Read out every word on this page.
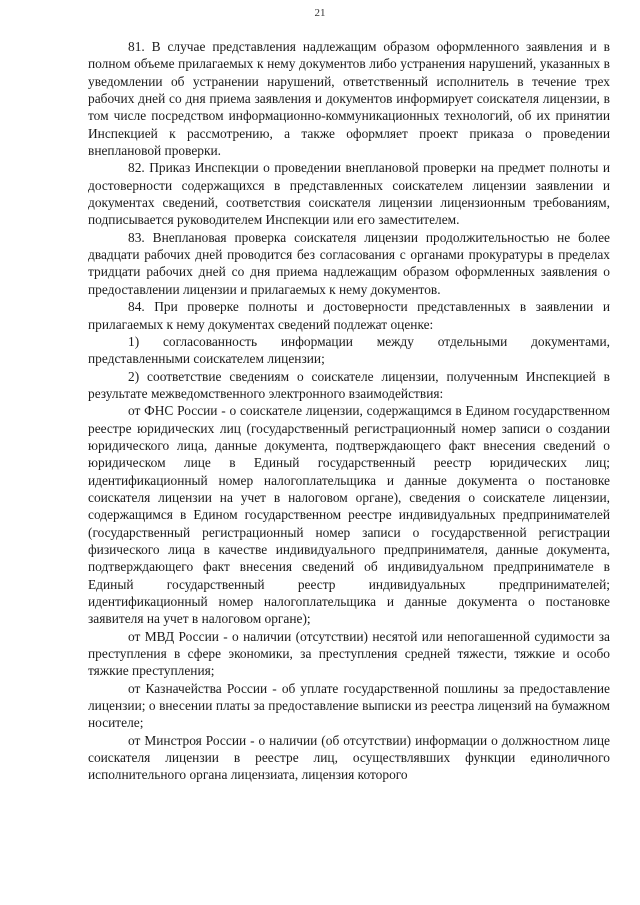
21

81. В случае представления надлежащим образом оформленного заявления и в полном объеме прилагаемых к нему документов либо устранения нарушений, указанных в уведомлении об устранении нарушений, ответственный исполнитель в течение трех рабочих дней со дня приема заявления и документов информирует соискателя лицензии, в том числе посредством информационно-коммуникационных технологий, об их принятии Инспекцией к рассмотрению, а также оформляет проект приказа о проведении внеплановой проверки.

82. Приказ Инспекции о проведении внеплановой проверки на предмет полноты и достоверности содержащихся в представленных соискателем лицензии заявлении и документах сведений, соответствия соискателя лицензии лицензионным требованиям, подписывается руководителем Инспекции или его заместителем.

83. Внеплановая проверка соискателя лицензии продолжительностью не более двадцати рабочих дней проводится без согласования с органами прокуратуры в пределах тридцати рабочих дней со дня приема надлежащим образом оформленных заявления о предоставлении лицензии и прилагаемых к нему документов.

84. При проверке полноты и достоверности представленных в заявлении и прилагаемых к нему документах сведений подлежат оценке:

1) согласованность информации между отдельными документами, представленными соискателем лицензии;

2) соответствие сведениям о соискателе лицензии, полученным Инспекцией в результате межведомственного электронного взаимодействия:

от ФНС России - о соискателе лицензии, содержащимся в Едином государственном реестре юридических лиц (государственный регистрационный номер записи о создании юридического лица, данные документа, подтверждающего факт внесения сведений о юридическом лице в Единый государственный реестр юридических лиц; идентификационный номер налогоплательщика и данные документа о постановке соискателя лицензии на учет в налоговом органе), сведения о соискателе лицензии, содержащимся в Едином государственном реестре индивидуальных предпринимателей (государственный регистрационный номер записи о государственной регистрации физического лица в качестве индивидуального предпринимателя, данные документа, подтверждающего факт внесения сведений об индивидуальном предпринимателе в Единый государственный реестр индивидуальных предпринимателей; идентификационный номер налогоплательщика и данные документа о постановке заявителя на учет в налоговом органе);

от МВД России - о наличии (отсутствии) несятой или непогашенной судимости за преступления в сфере экономики, за преступления средней тяжести, тяжкие и особо тяжкие преступления;

от Казначейства России - об уплате государственной пошлины за предоставление лицензии; о внесении платы за предоставление выписки из реестра лицензий на бумажном носителе;

от Минстроя России - о наличии (об отсутствии) информации о должностном лице соискателя лицензии в реестре лиц, осуществлявших функции единоличного исполнительного органа лицензиата, лицензия которого
